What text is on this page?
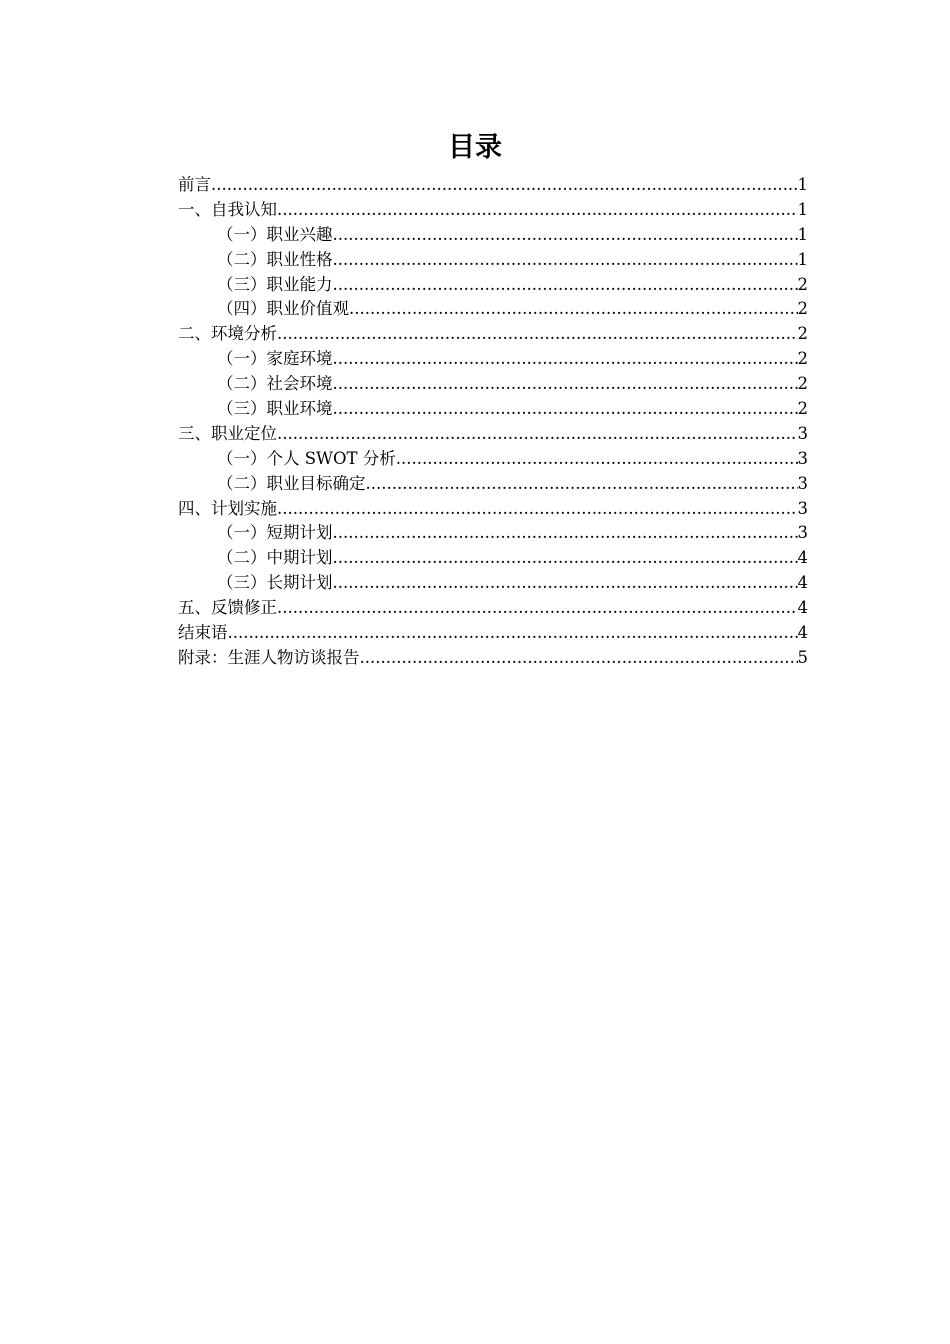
目录
前言 .....	1
一、自我认知 .....	1
（一）职业兴趣 .....	1
（二）职业性格 .....	1
（三）职业能力 .....	2
（四）职业价值观 .....	2
二、环境分析 .....	2
（一）家庭环境 .....	2
（二）社会环境 .....	2
（三）职业环境 .....	2
三、职业定位 .....	3
（一）个人 SWOT 分析 .....	3
（二）职业目标确定 .....	3
四、计划实施 .....	3
（一）短期计划 .....	3
（二）中期计划 .....	4
（三）长期计划 .....	4
五、反馈修正 .....	4
结束语 .....	4
附录：生涯人物访谈报告 .....	5
